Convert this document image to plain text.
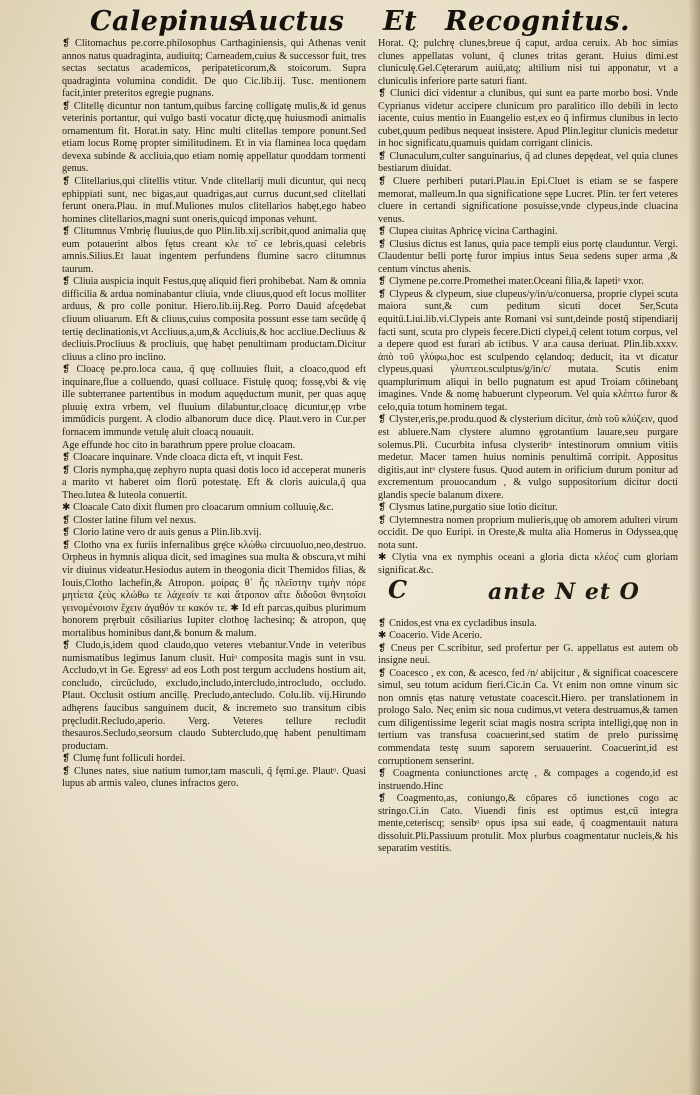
Calepinus
Auctus Et Recognitus.

❡ Clitomachus pe.corre.philosophus Carthaginiensis, qui Athenas venit annos natus quadraginta, audiuitq; Carneadem,cuius & successor fuit, tres sectas sectatus academicos, peripateticorum,& stoicorum. Supra quadraginta volumina condidit. De quo Cic.lib.iij. Tusc. mentionem facit,inter preteritos egregie pugnans.

❡ Clitellę dicuntur non tantum,quibus farcinę colligatę mulis,& id genus veterinis portantur, qui vulgo basti vocatur dictę,quę huiusmodi animalis ornamentum fit. Horat.in saty. Hinc multi clitellas tempore ponunt.Sed etiam locus Romę propter similitudinem. Et in via flaminea loca quędam devexa subinde & accliuia,quo etiam nomię appellatur quoddam tormenti genus.

❡ Clitellarius,qui clitellis vtitur. Vnde clitellarij muli dicuntur, qui necq ephippiati sunt, nec bigas,aut quadrigas,aut currus ducunt,sed clitellati ferunt onera.Plau. in muf.Muliones mulos clitellarios habęt,ego habeo homines clitellarios,magni sunt oneris,quicqd imponas vehunt.

❡ Clitumnus Vmbrię fluuius,de quo Plin.lib.xij.scribit,quod animalia quę eum potauerint albos fętus creant κλε το͂ ce lebris,quasi celebris amnis.Silius.Et lauat ingentem perfundens flumine sacro clitumnus taurum.

❡ Cliuia auspicia inquit Festus,quę aliquid fieri prohibebat. Nam & omnia difficilia & ardua nominabantur cliuia, vnde cliuus,quod eft locus molliter arduus, & pro colle ponitur. Hiero.lib.iij.Reg. Porro Dauid afcędebat cliuum oliuarum. Eft & cliuus,cuius composita possunt esse tam secűdę q̃ tertię declinationis,vt Accliuus,a,um,& Accliuis,& hoc accliue.Decliuus & decliuis.Procliuus & procliuis, quę habęt penultimam productam.Dicitur cliuus a clino pro inclino.

❡ Cloacę pe.pro.loca caua, q̃ quę colluuies fluit, a cloaco,quod eft inquinare,flue a colluendo, quasi colluace. Fistulę quoq; fossę,vbi & vię ille subterranee partentibus in modum aquęductum munit, per quas aquę pluuię extra vrbem, vel fluuium dilabuntur,cloacę dicuntur,ęp vrbe imműdicis purgent. A clodio albanorum duce dicę. Plaut.vero in Cur.per fornacem immunde vetulę aluit cloacą nouauit.

Age effunde hoc cito in barathrum ppere prolue cloacam.

❡ Cloacare inquinare. Vnde cloaca dicta eft, vt inquit Fest.

❡ Cloris nympha,quę zephyro nupta quasi dotis loco id acceperat muneris a marito vt haberet oim florű potestatę. Eft & cloris auicula,q̃ qua Theo.lutea & luteola conuertit.

✱ Cloacale Cato dixit flumen pro cloacarum omnium colluuię,&c.

❡ Closter latine filum vel nexus.

❡ Clorio latine vero dr auis genus a Plin.lib.xvij.

❡ Clotho vna ex furiis infernalibus grę̈ce κλώθω circuuoluo,neo,destruo. Orpheus in hymnis aliqua dicit, sed imagines sua multa & obscura,vt mihi vir diuinus videatur.Hesiodus autem in theogonia dicit Themidos filias, & Iouis,Clotho lachefin,& Atropon. μοίρας θ᾽ ἧς πλεῖστην τιμὴν πόρε μητίετα ζεὺς κλώθω τε λάχεσίν τε καὶ ἄτροπον αἵτε διδοῦσι θνητοῖσι γεινομένοισιν ἔχειν ἀγαθόν τε κακόν τε. ✱ Id eft parcas,quibus plurimum honorem pręrbuit cősiliarius Iupiter clothoę lachesinq; & atropon, quę mortalibus hominibus dant,& bonum & malum.

❡ Cludo,is,idem quod claudo,quo veteres vtebantur.Vnde in veteribus numismatibus legimus Ianum clusit. Huiᵒ composita magis sunt in vsu. Accludo,vt in Ge. Egressᵒ ad eos Loth post tergum accludens hostium ait, concludo, circűcludo, excludo,includo,intercludo,introcludo, occludo. Plaut. Occlusit ostium ancillę. Precludo,antecludo. Colu.lib. vij.Hirundo adhęrens faucibus sanguinem ducit, & incremeto suo transitum cibis pręcludit.Recludo,aperio. Verg. Veteres tellure recludit thesauros.Secludo,seorsum claudo Subtercludo,quę habent penultimam productam.

❡ Clumę funt folliculi hordei.

❡ Clunes nates, siue natium tumor,tam masculi, q̃ fęmi.ge. Plautᵒ. Quasi lupus ab armis valeo, clunes infractos gero.

Horat. Q; pulchrę clunes,breue q̃ caput, ardua ceruix. Ab hoc simias clunes appellatas volunt, q̃ clunes tritas gerant. Huius dimi.est cluniculę.Gel.Cęterarum auiű,atq; altilium nisi tui apponatur, vt a cluniculis inferiore parte saturi fiant.

❡ Clunici dici videntur a clunibus, qui sunt ea parte morbo bosi. Vnde Cyprianus videtur accipere clunicum pro paralitico illo debili in lecto iacente, cuius mentio in Euangelio est,ex eo q̃ infirmus clunibus in lecto cubet,quum pedibus nequeat insistere. Apud Plin.legitur clunicis medetur in hoc significatu,quamuis quidam corrigant clinicis.

❡ Clunaculum,culter sanguinarius, q̃ ad clunes depędeat, vel quia clunes bestiarum diuidat.

❡ Cluere perhiberi putari.Plau.in Epi.Cluet is etiam se se faspere memorat, malleum.In qua significatione sępe Lucret. Plin. ter fert veteres cluere in certandi significatione posuisse,vnde clypeus,inde cluacina venus.

❡ Clupea ciuitas Aphricę vicina Carthagini.

❡ Clusius dictus est Ianus, quia pace templi eius portę clauduntur. Vergi. Claudentur belli portę furor impius intus Seua sedens super arma ,& centum vinctus ahenis.

❡ Clymene pe.corre.Promethei mater.Oceani filia,& Iapetiᵒ vxor.

❡ Clypeus & clypeum, siue clupeus/y/in/u/conuersa, proprie clypei scuta maiora sunt,& cum peditum sicuti docet Ser,Scuta equitű.Liui.lib.vi.Clypeis ante Romani vsi sunt,deinde postq̃ stipendiarij facti sunt, scuta pro clypeis fecere.Dicti clypei,q̃ celent totum corpus, vel a depere quod est furari ab ictibus. V ar.a causa deriuat. Plin.lib.xxxv. ἀπὸ τοῦ γλύφω,hoc est sculpendo cęlandoq; deducit, ita vt dicatur clypeus,quasi γλυπτεοι.sculptus/g/in/c/ mutata. Scutis enim quamplurimum aliqui in bello pugnatum est apud Troiam cőtinebanţ imagines. Vnde & nomę habuerunt clypeorum. Vel quia κλέπτω furor & celo,quia totum hominem tegat.

❡ Clyster,eris,pe.produ.quod & clysterium dicitur, ἀπὸ τοῦ κλύζειν, quod est abluere.Nam clystere alumno ęgrotantium lauare,seu purgare solemus.Pli. Cucurbita infusa clysteribᵒ intestinorum omnium vitiis medetur. Macer tamen huius nominis penultimã corripit. Appositus digitis,aut intᵒ clystere fusus. Quod autem in orificium durum ponitur ad excrementum prouocandum , & vulgo suppositorium dicitur docti glandis specie balanum dixere.

❡ Clysmus latine,purgatio siue lotio dicitur.

❡ Clytemnestra nomen proprium mulieris,quę ob amorem adulteri virum occidit. De quo Euripi. in Oreste,& multa alia Homerus in Odyssea,quę nota sunt.

✱ Clytia vna ex nymphis oceani a gloria dicta κλέος̇ cum gloriam significat.&c.

C	ante N et O

❡ Cnidos,est vna ex cycladibus insula.

✱ Coacerio. Vide Acerio.

❡ Cneus per C.scribitur, sed profertur per G. appellatus est autem ob insigne neui.

❡ Coacesco , ex con, & acesco, fed /n/ abijcitur , & significat coacescere simul, seu totum acidum fieri.Cic.in Ca. Vt enim non omne vinum sic non omnis ętas naturę vetustate coacescit.Hiero. per translationem in prologo Salo. Nec̨ enim sic noua cudimus,vt vetera destruamus,& tamen cum diligentissime legerit sciat magis nostra scripta intelligi,quę non in tertium vas transfusa coacuerint,sed statim de prelo purissimę commendata testę suum saporem seruauerint. Coacuerint,id est corruptionem senserint.

❡ Coagmenta coniunctiones arctę , & compages a cogendo,id est instruendo.Hinc

❡ Coagmento,as, coniungo,& cőpares cő iunctiones cogo ac stringo.Ci.in Cato. Viuendi finis est optimus est,cű integra mente,ceteriscq; sensibᵒ opus ipsa sui eade, q̃ coagmentauit natura dissoluit.Pli.Passiuum protulit. Mox plurbus coagmentatur nucleis,& his separatim vestitis.
